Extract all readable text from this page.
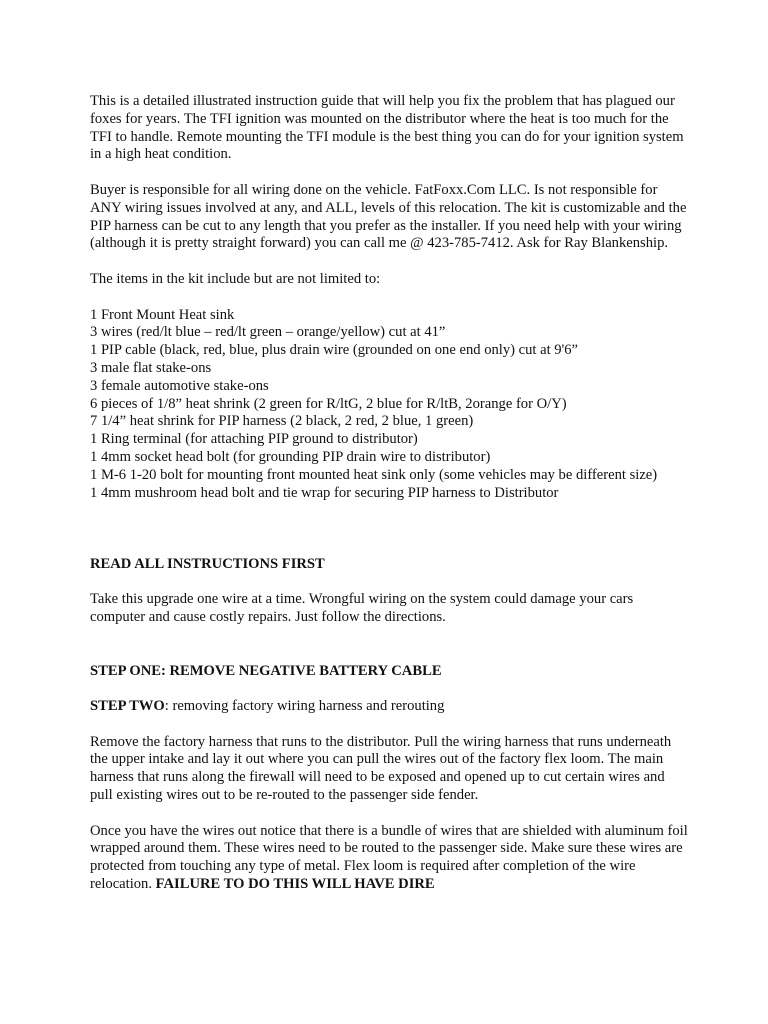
This is a detailed illustrated instruction guide that will help you fix the problem that has plagued our foxes for years. The TFI ignition was mounted on the distributor where the heat is too much for the TFI to handle. Remote mounting the TFI module is the best thing you can do for your ignition system in a high heat condition.

Buyer is responsible for all wiring done on the vehicle. FatFoxx.Com LLC. Is not responsible for ANY wiring issues involved at any, and ALL, levels of this relocation. The kit is customizable and the PIP harness can be cut to any length that you prefer as the installer. If you need help with your wiring (although it is pretty straight forward) you can call me @ 423-785-7412. Ask for Ray Blankenship.

The items in the kit include but are not limited to:

1 Front Mount Heat sink
3 wires (red/lt blue – red/lt green – orange/yellow) cut at 41”
1 PIP cable (black, red, blue, plus drain wire (grounded on one end only) cut at 9'6”
3 male flat stake-ons
3 female automotive stake-ons
6 pieces of 1/8” heat shrink (2 green for R/ltG, 2 blue for R/ltB, 2orange for O/Y)
7 1/4” heat shrink for PIP harness (2 black, 2 red, 2 blue, 1 green)
1 Ring terminal (for attaching PIP ground to distributor)
1 4mm socket head bolt (for grounding PIP drain wire to distributor)
1 M-6 1-20 bolt for mounting front mounted heat sink only (some vehicles may be different size)
1 4mm mushroom head bolt and tie wrap for securing PIP harness to Distributor

READ ALL INSTRUCTIONS FIRST

Take this upgrade one wire at a time. Wrongful wiring on the system could damage your cars computer and cause costly repairs. Just follow the directions.

STEP ONE: REMOVE NEGATIVE BATTERY CABLE

STEP TWO: removing factory wiring harness and rerouting

Remove the factory harness that runs to the distributor. Pull the wiring harness that runs underneath the upper intake and lay it out where you can pull the wires out of the factory flex loom. The main harness that runs along the firewall will need to be exposed and opened up to cut certain wires and pull existing wires out to be re-routed to the passenger side fender.

Once you have the wires out notice that there is a bundle of wires that are shielded with aluminum foil wrapped around them. These wires need to be routed to the passenger side. Make sure these wires are protected from touching any type of metal. Flex loom is required after completion of the wire relocation. FAILURE TO DO THIS WILL HAVE DIRE
